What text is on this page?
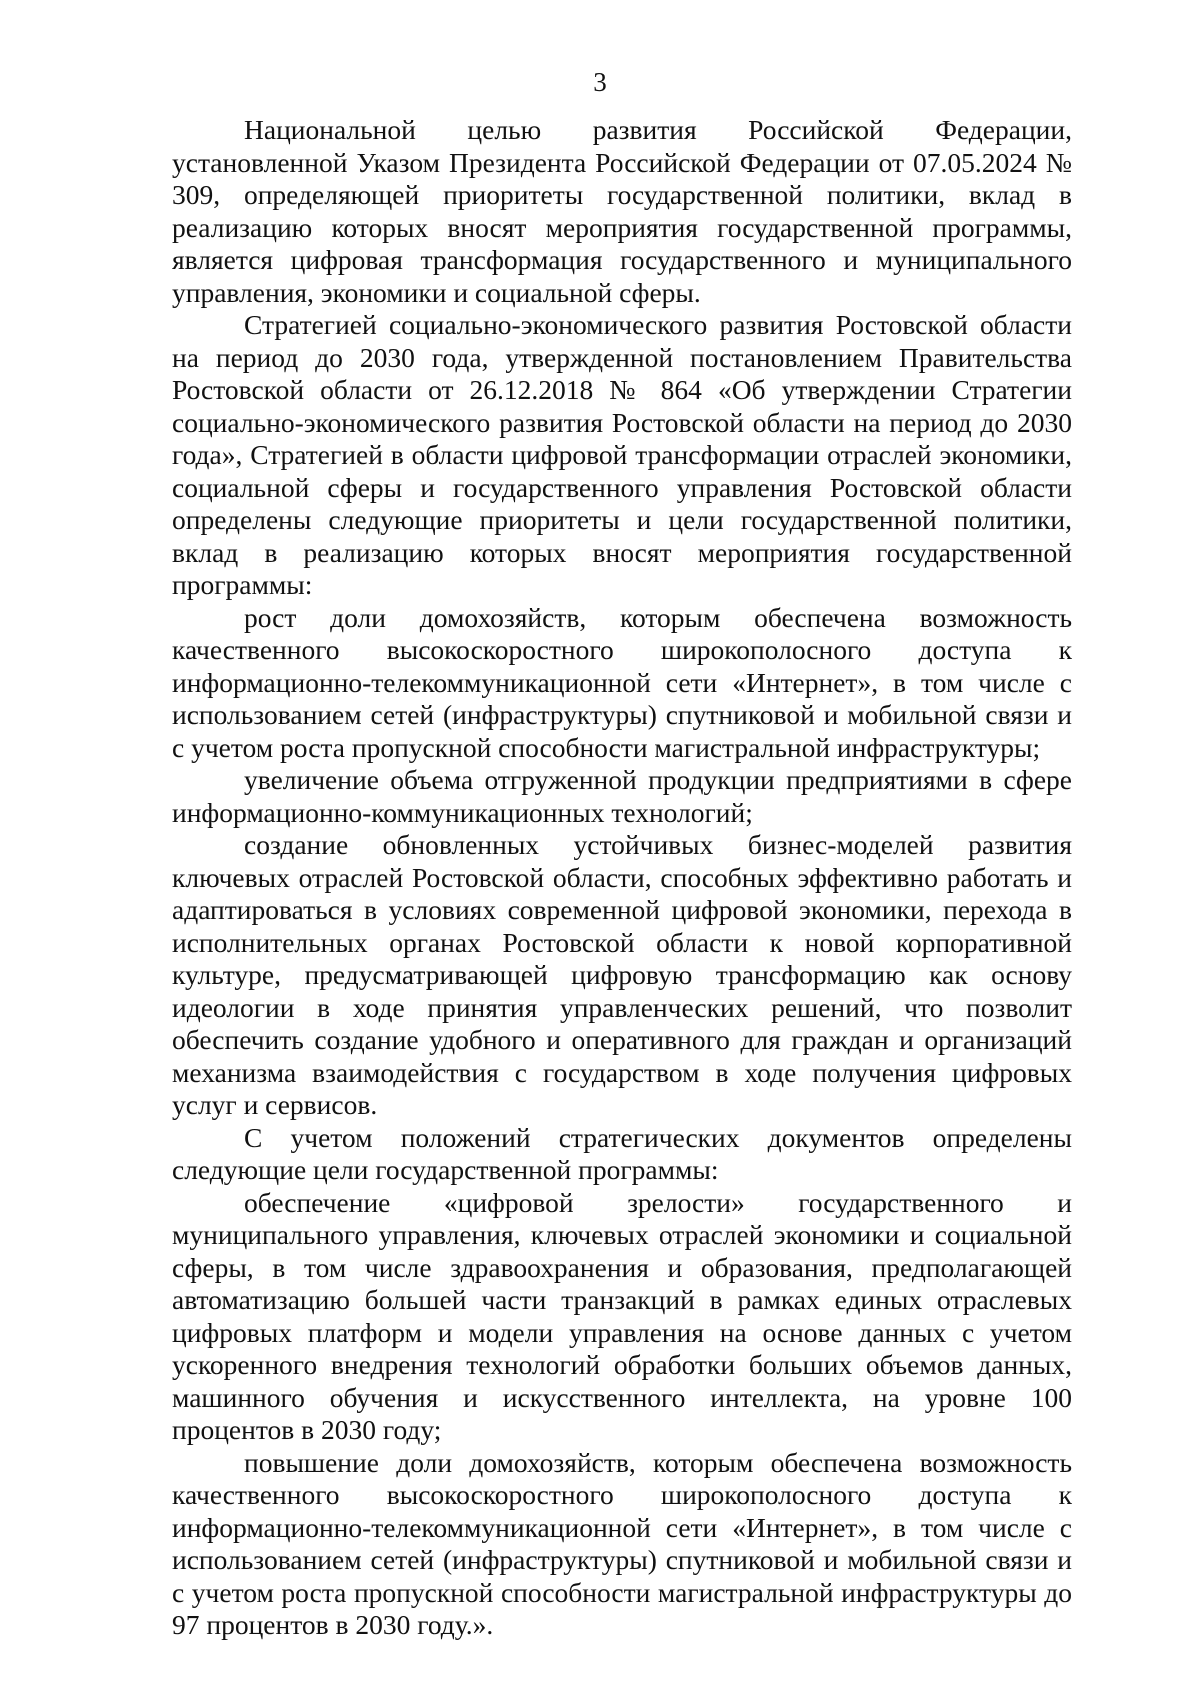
3

Национальной целью развития Российской Федерации, установленной Указом Президента Российской Федерации от 07.05.2024 № 309, определяющей приоритеты государственной политики, вклад в реализацию которых вносят мероприятия государственной программы, является цифровая трансформация государственного и муниципального управления, экономики и социальной сферы.

Стратегией социально-экономического развития Ростовской области на период до 2030 года, утвержденной постановлением Правительства Ростовской области от 26.12.2018 № 864 «Об утверждении Стратегии социально-экономического развития Ростовской области на период до 2030 года», Стратегией в области цифровой трансформации отраслей экономики, социальной сферы и государственного управления Ростовской области определены следующие приоритеты и цели государственной политики, вклад в реализацию которых вносят мероприятия государственной программы:

рост доли домохозяйств, которым обеспечена возможность качественного высокоскоростного широкополосного доступа к информационно-телекоммуникационной сети «Интернет», в том числе с использованием сетей (инфраструктуры) спутниковой и мобильной связи и с учетом роста пропускной способности магистральной инфраструктуры;

увеличение объема отгруженной продукции предприятиями в сфере информационно-коммуникационных технологий;

создание обновленных устойчивых бизнес-моделей развития ключевых отраслей Ростовской области, способных эффективно работать и адаптироваться в условиях современной цифровой экономики, перехода в исполнительных органах Ростовской области к новой корпоративной культуре, предусматривающей цифровую трансформацию как основу идеологии в ходе принятия управленческих решений, что позволит обеспечить создание удобного и оперативного для граждан и организаций механизма взаимодействия с государством в ходе получения цифровых услуг и сервисов.

С учетом положений стратегических документов определены следующие цели государственной программы:

обеспечение «цифровой зрелости» государственного и муниципального управления, ключевых отраслей экономики и социальной сферы, в том числе здравоохранения и образования, предполагающей автоматизацию большей части транзакций в рамках единых отраслевых цифровых платформ и модели управления на основе данных с учетом ускоренного внедрения технологий обработки больших объемов данных, машинного обучения и искусственного интеллекта, на уровне 100 процентов в 2030 году;

повышение доли домохозяйств, которым обеспечена возможность качественного высокоскоростного широкополосного доступа к информационно-телекоммуникационной сети «Интернет», в том числе с использованием сетей (инфраструктуры) спутниковой и мобильной связи и с учетом роста пропускной способности магистральной инфраструктуры до 97 процентов в 2030 году.».
